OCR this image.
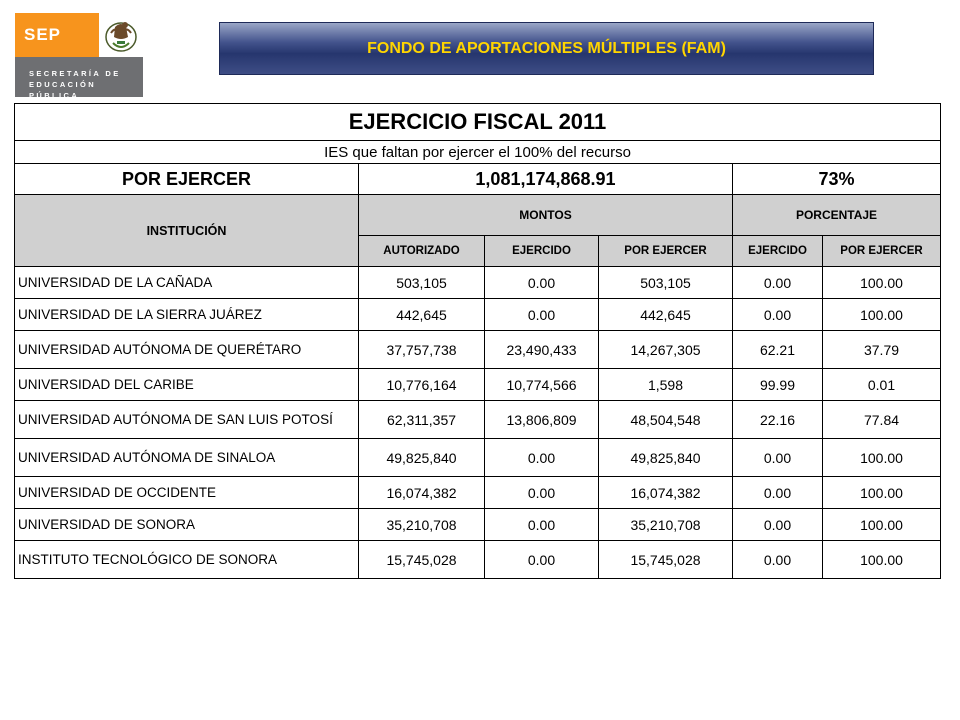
SEP
SECRETARÍA DE
EDUCACIÓN PÚBLICA
FONDO DE APORTACIONES MÚLTIPLES (FAM)
EJERCICIO FISCAL 2011					
IES que faltan por ejercer el 100% del recurso					
POR EJERCER	1,081,174,868.91			73%	
INSTITUCIÓN	MONTOS			PORCENTAJE	
	AUTORIZADO	EJERCIDO	POR EJERCER	EJERCIDO	POR EJERCER
UNIVERSIDAD DE LA CAÑADA	503,105	0.00	503,105	0.00	100.00
UNIVERSIDAD DE LA SIERRA JUÁREZ	442,645	0.00	442,645	0.00	100.00
UNIVERSIDAD AUTÓNOMA DE QUERÉTARO	37,757,738	23,490,433	14,267,305	62.21	37.79
UNIVERSIDAD DEL CARIBE	10,776,164	10,774,566	1,598	99.99	0.01
UNIVERSIDAD AUTÓNOMA DE SAN LUIS POTOSÍ	62,311,357	13,806,809	48,504,548	22.16	77.84
UNIVERSIDAD AUTÓNOMA DE SINALOA	49,825,840	0.00	49,825,840	0.00	100.00
UNIVERSIDAD DE OCCIDENTE	16,074,382	0.00	16,074,382	0.00	100.00
UNIVERSIDAD DE SONORA	35,210,708	0.00	35,210,708	0.00	100.00
INSTITUTO TECNOLÓGICO DE SONORA	15,745,028	0.00	15,745,028	0.00	100.00
